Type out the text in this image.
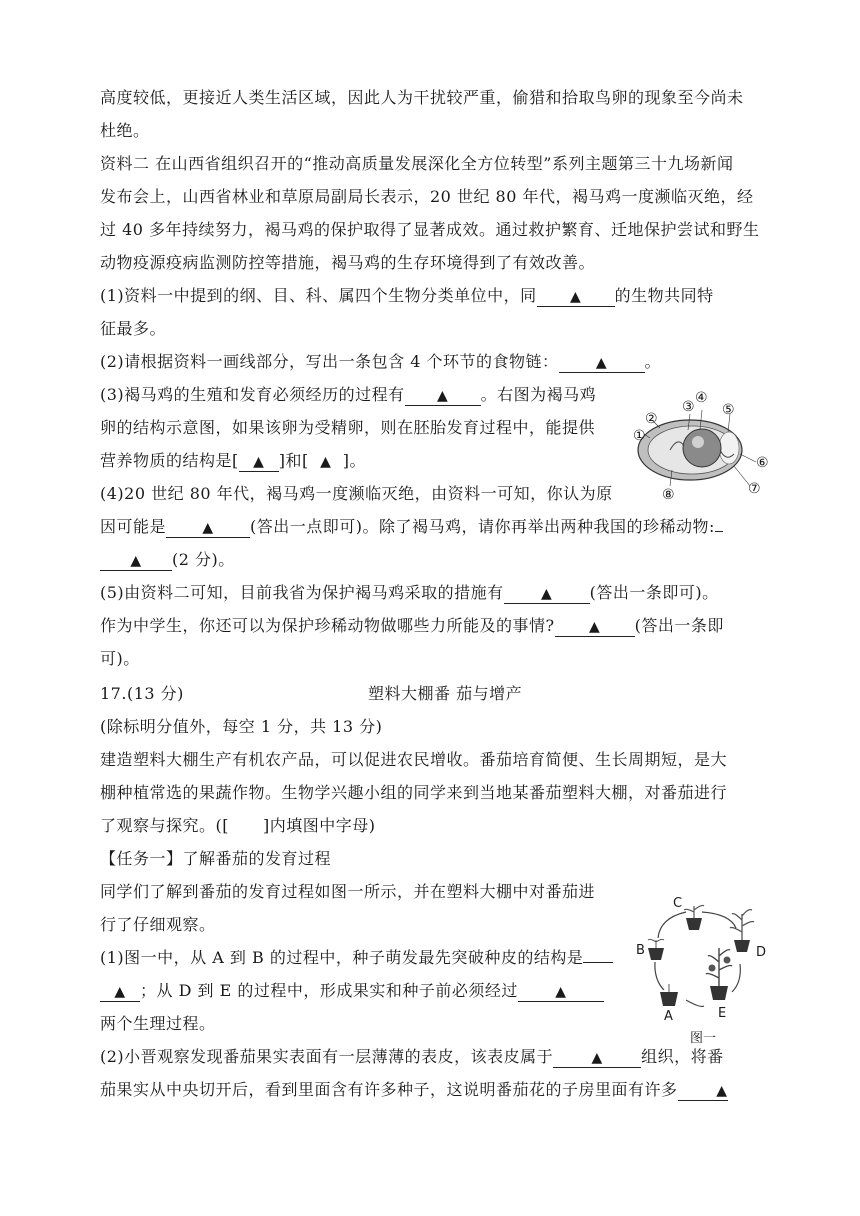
高度较低，更接近人类生活区域，因此人为干扰较严重，偷猎和拾取鸟卵的现象至今尚未
杜绝。
资料二 在山西省组织召开的“推动高质量发展深化全方位转型”系列主题第三十九场新闻
发布会上，山西省林业和草原局副局长表示，20 世纪 80 年代，褐马鸡一度濒临灭绝，经
过 40 多年持续努力，褐马鸡的保护取得了显著成效。通过救护繁育、迁地保护尝试和野生
动物疫源疫病监测防控等措施，褐马鸡的生存环境得到了有效改善。
(1)资料一中提到的纲、目、科、属四个生物分类单位中，同 ▲ 的生物共同特
征最多。
(2)请根据资料一画线部分，写出一条包含 4 个环节的食物链：	▲ 。
(3)褐马鸡的生殖和发育必须经历的过程有 ▲ 。右图为褐马鸡
卵的结构示意图，如果该卵为受精卵，则在胚胎发育过程中，能提供
营养物质的结构是[ ▲ ]和[ ▲ ]。
(4)20 世纪 80 年代，褐马鸡一度濒临灭绝，由资料一可知，你认为原
因可能是	▲ (答出一点即可)。除了褐马鸡，请你再举出两种我国的珍稀动物:
▲ (2 分)。
(5)由资料二可知，目前我省为保护褐马鸡采取的措施有	▲ (答出一条即可)。
作为中学生，你还可以为保护珍稀动物做哪些力所能及的事情? ▲ (答出一条即
可)。
17.(13 分)	塑料大棚番 茄与增产
(除标明分值外，每空 1 分，共 13 分)
建造塑料大棚生产有机农产品，可以促进农民增收。番茄培育简便、生长周期短，是大
棚种植常选的果蔬作物。生物学兴趣小组的同学来到当地某番茄塑料大棚，对番茄进行
了观察与探究。([ ]内填图中字母)
【任务一】了解番茄的发育过程
同学们了解到番茄的发育过程如图一所示，并在塑料大棚中对番茄进
行了仔细观察。
(1)图一中，从 A 到 B 的过程中，种子萌发最先突破种皮的结构是
▲ ；从 D 到 E 的过程中，形成果实和种子前必须经过	▲
两个生理过程。
(2)小晋观察发现番茄果实表面有一层薄薄的表皮，该表皮属于	▲ 组织，将番
茄果实从中央切开后，看到里面含有许多种子，这说明番茄花的子房里面有许多	▲
①
②
③
④
⑤
⑥
⑦
⑧
A
B
C
D
E
图一
